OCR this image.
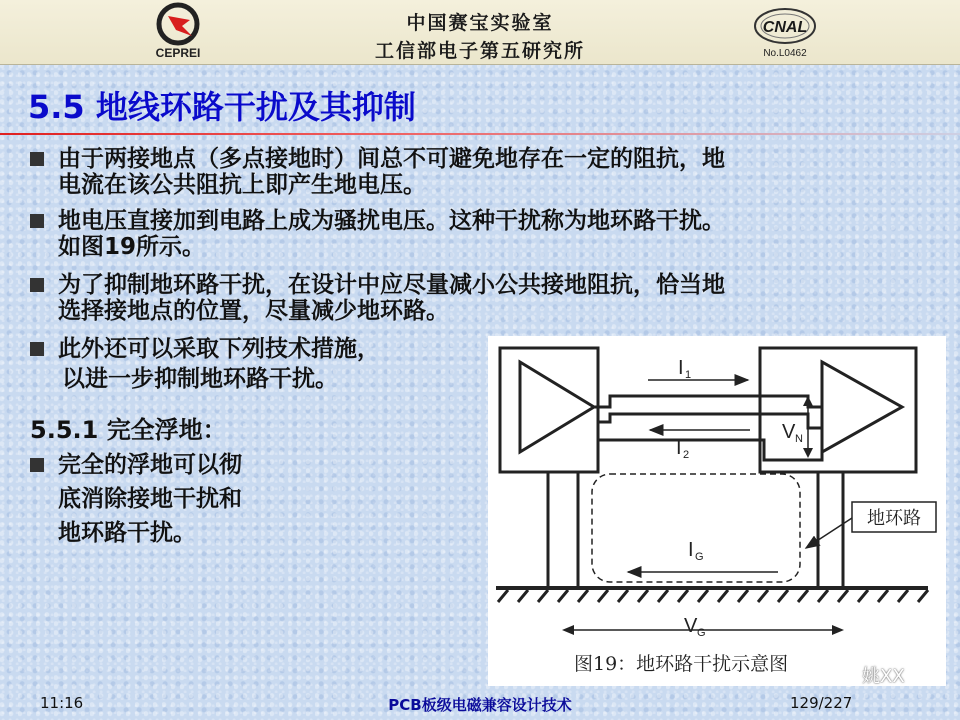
CEPREI
中国赛宝实验室
工信部电子第五研究所
CNAL
No.L0462
5.5 地线环路干扰及其抑制
由于两接地点（多点接地时）间总不可避免地存在一定的阻抗，地
电流在该公共阻抗上即产生地电压。
地电压直接加到电路上成为骚扰电压。这种干扰称为地环路干扰。
如图19所示。
为了抑制地环路干扰，在设计中应尽量减小公共接地阻抗，恰当地
选择接地点的位置，尽量减少地环路。
此外还可以采取下列技术措施，
以进一步抑制地环路干扰。
5.5.1 完全浮地：
完全的浮地可以彻
底消除接地干扰和
地环路干扰。
I 1
I 2
V N
I G
V G
地环路
图19：地环路干扰示意图
姚XX
11:16	PCB板级电磁兼容设计技术	129/227
